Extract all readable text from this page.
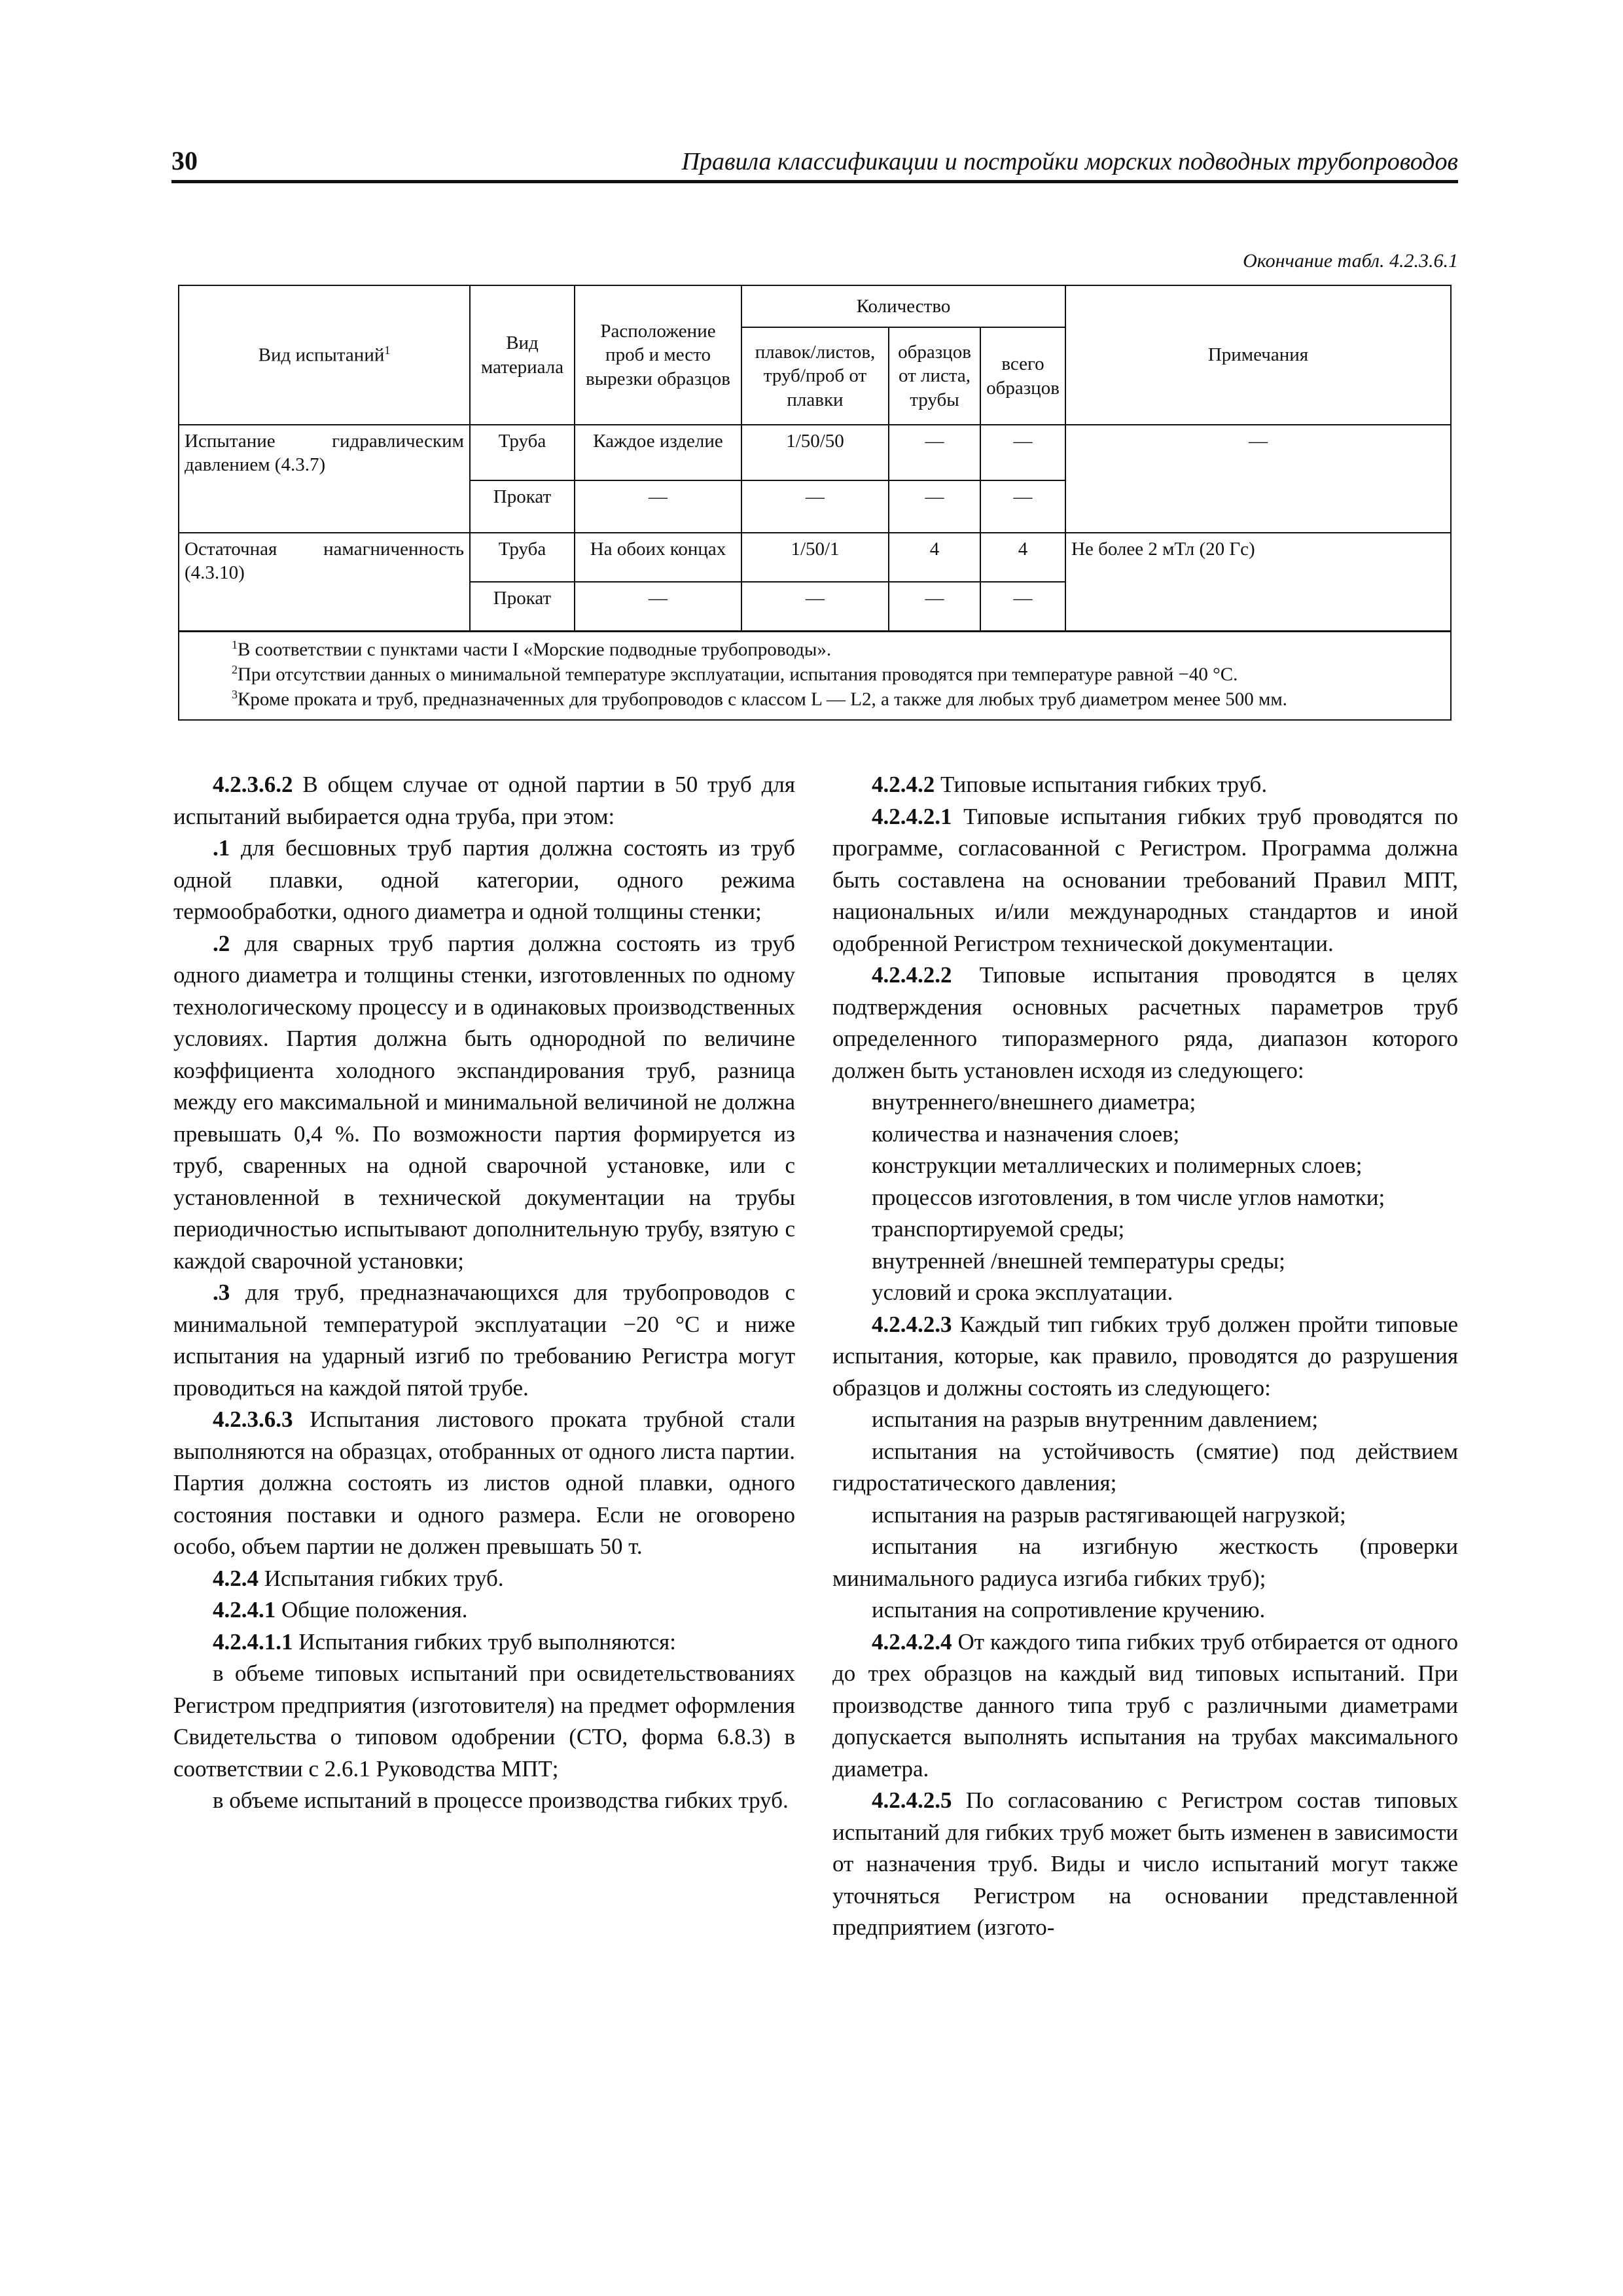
30	Правила классификации и постройки морских подводных трубопроводов
Окончание табл. 4.2.3.6.1
Вид испытаний$^1$	Вид материала	Расположение проб и место вырезки образцов	Количество			Примечания
			плавок/листов, труб/проб от плавки	образцов от листа, трубы	всего образцов	
Испытание гидравлическим давлением (4.3.7)	Труба	Каждое изделие	1/50/50	—	—	—
	Прокат	—	—	—	—	
Остаточная намагниченность (4.3.10)	Труба	На обоих концах	1/50/1	4	4	Не более 2 мТл (20 Гс)
	Прокат	—	—	—	—	

$^1$В соответствии с пунктами части I «Морские подводные трубопроводы».
$^2$При отсутствии данных о минимальной температуре эксплуатации, испытания проводятся при температуре равной −40 °С.
$^3$Кроме проката и труб, предназначенных для трубопроводов с классом L — L2, а также для любых труб диаметром менее 500 мм.						

4.2.3.6.2 В общем случае от одной партии в 50 труб для испытаний выбирается одна труба, при этом:

.1 для бесшовных труб партия должна состоять из труб одной плавки, одной категории, одного режима термообработки, одного диаметра и одной толщины стенки;

.2 для сварных труб партия должна состоять из труб одного диаметра и толщины стенки, изготовленных по одному технологическому процессу и в одинаковых производственных условиях. Партия должна быть однородной по величине коэффициента холодного экспандирования труб, разница между его максимальной и минимальной величиной не должна превышать 0,4 %. По возможности партия формируется из труб, сваренных на одной сварочной установке, или с установленной в технической документации на трубы периодичностью испытывают дополнительную трубу, взятую с каждой сварочной установки;

.3 для труб, предназначающихся для трубопроводов с минимальной температурой эксплуатации −20 °С и ниже испытания на ударный изгиб по требованию Регистра могут проводиться на каждой пятой трубе.

4.2.3.6.3 Испытания листового проката трубной стали выполняются на образцах, отобранных от одного листа партии. Партия должна состоять из листов одной плавки, одного состояния поставки и одного размера. Если не оговорено особо, объем партии не должен превышать 50 т.

4.2.4 Испытания гибких труб.

4.2.4.1 Общие положения.

4.2.4.1.1 Испытания гибких труб выполняются:

в объеме типовых испытаний при освидетельствованиях Регистром предприятия (изготовителя) на предмет оформления Свидетельства о типовом одобрении (СТО, форма 6.8.3) в соответствии с 2.6.1 Руководства МПТ;

в объеме испытаний в процессе производства гибких труб.

4.2.4.2 Типовые испытания гибких труб.

4.2.4.2.1 Типовые испытания гибких труб проводятся по программе, согласованной с Регистром. Программа должна быть составлена на основании требований Правил МПТ, национальных и/или международных стандартов и иной одобренной Регистром технической документации.

4.2.4.2.2 Типовые испытания проводятся в целях подтверждения основных расчетных параметров труб определенного типоразмерного ряда, диапазон которого должен быть установлен исходя из следующего:

внутреннего/внешнего диаметра;

количества и назначения слоев;

конструкции металлических и полимерных слоев;

процессов изготовления, в том числе углов намотки;

транспортируемой среды;

внутренней /внешней температуры среды;

условий и срока эксплуатации.

4.2.4.2.3 Каждый тип гибких труб должен пройти типовые испытания, которые, как правило, проводятся до разрушения образцов и должны состоять из следующего:

испытания на разрыв внутренним давлением;

испытания на устойчивость (смятие) под действием гидростатического давления;

испытания на разрыв растягивающей нагрузкой;

испытания на изгибную жесткость (проверки минимального радиуса изгиба гибких труб);

испытания на сопротивление кручению.

4.2.4.2.4 От каждого типа гибких труб отбирается от одного до трех образцов на каждый вид типовых испытаний. При производстве данного типа труб с различными диаметрами допускается выполнять испытания на трубах максимального диаметра.

4.2.4.2.5 По согласованию с Регистром состав типовых испытаний для гибких труб может быть изменен в зависимости от назначения труб. Виды и число испытаний могут также уточняться Регистром на основании представленной предприятием (изгото-
